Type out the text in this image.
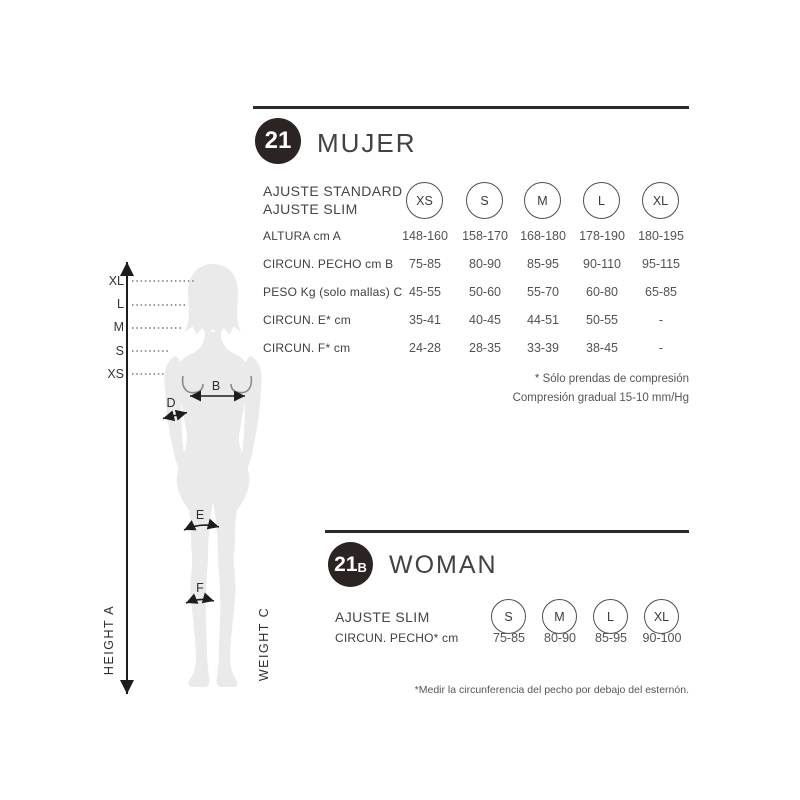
XL
L
M
S
XS
B
D
E
F
HEIGHT A	WEIGHT C
21 MUJER
AJUSTE STANDARD
AJUSTE SLIM
XS	S	M	L	XL
ALTURA cm A	148-160	158-170 168-180	178-190	180-195
CIRCUN. PECHO cm B	75-85	80-90	85-95	90-110	95-115
PESO Kg (solo mallas) C 45-55	50-60	55-70	60-80	65-85
CIRCUN. E* cm	35-41	40-45	44-51	50-55	-
CIRCUN. F* cm	24-28	28-35	33-39	38-45	-
* Sólo prendas de compresión
Compresión gradual 15-10 mm/Hg
21 B WOMAN
AJUSTE SLIM	S	M	L	XL
CIRCUN. PECHO* cm	75-85	80-90	85-95	90-100
*Medir la circunferencia del pecho por debajo del esternón.
